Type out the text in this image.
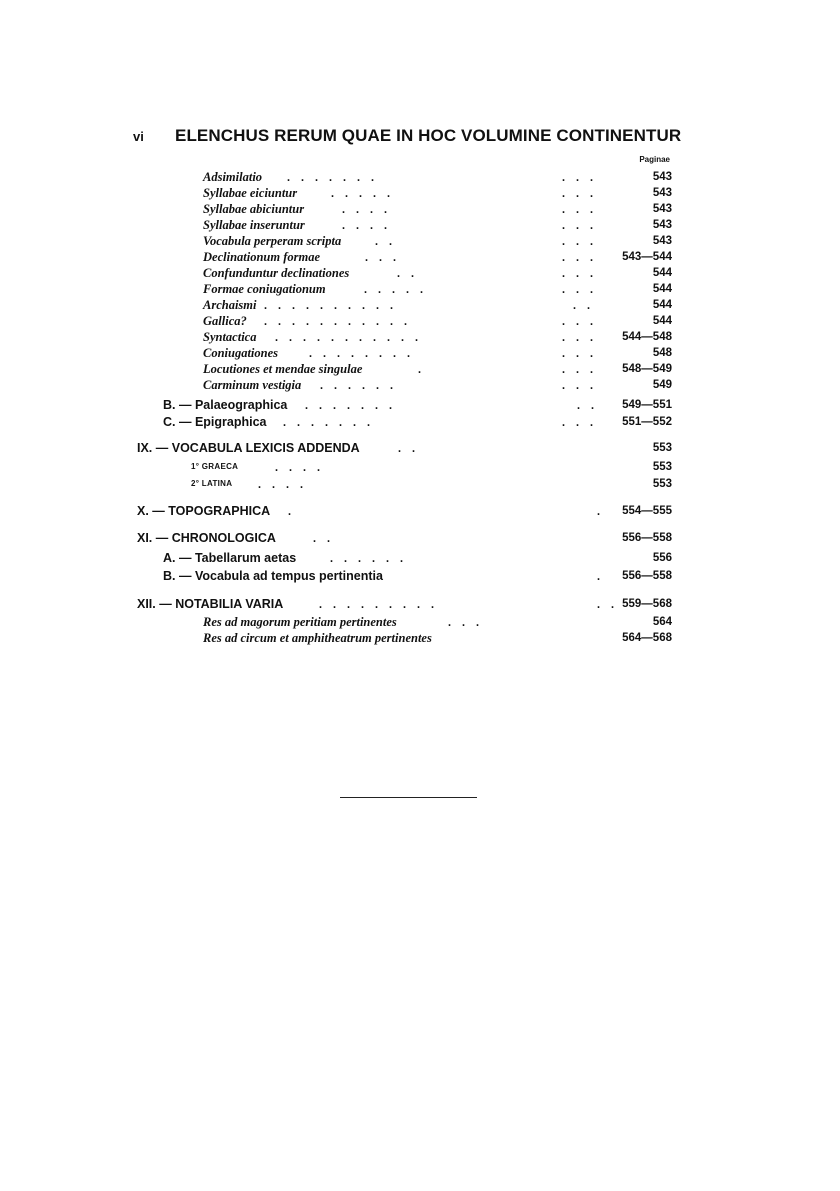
vi ELENCHUS RERUM QUAE IN HOC VOLUMINE CONTINENTUR
Paginae
Adsimilatio . . . . . . .	. . .	543
Syllabae eiciuntur	. . . . .	. . .	543
Syllabae abiciuntur	. . . .	. . .	543
Syllabae inseruntur	. . . .	. . .	543
Vocabula perperam scripta	. .	. . .	543
Declinationum formae	. . .	. . . 543—544
Confunduntur declinationes	. .	. . .	544
Formae coniugationum	. . . . .	. . .	544
Archaismi . . . . . . . . . .	. .	544
Gallica? . . . . . . . . . . .	. . .	544
Syntactica . . . . . . . . . . .	. . . 544—548
Coniugationes	. . . . . . . .	. . .	548
Locutiones et mendae singulae	.	. . . 548—549
Carminum vestigia . . . . . .	. . .	549
B. — Palaeographica . . . . . . .	. . 549—551
C. — Epigraphica . . . . . . .	. . . 551—552
IX. — VOCABULA LEXICIS ADDENDA	. .	553
1° GRAECA	. . . .	553
2° LATINA . . . .	553
X. — TOPOGRAPHICA .	. 554—555
XI. — CHRONOLOGICA	. .	556—558
A. — Tabellarum aetas	. . . . . .	556
B. — Vocabula ad tempus pertinentia	. 556—558
XII. — NOTABILIA VARIA	. . . . . . . . .	. . 559—568
Res ad magorum peritiam pertinentes	. . .	564
Res ad circum et amphitheatrum pertinentes	564—568
